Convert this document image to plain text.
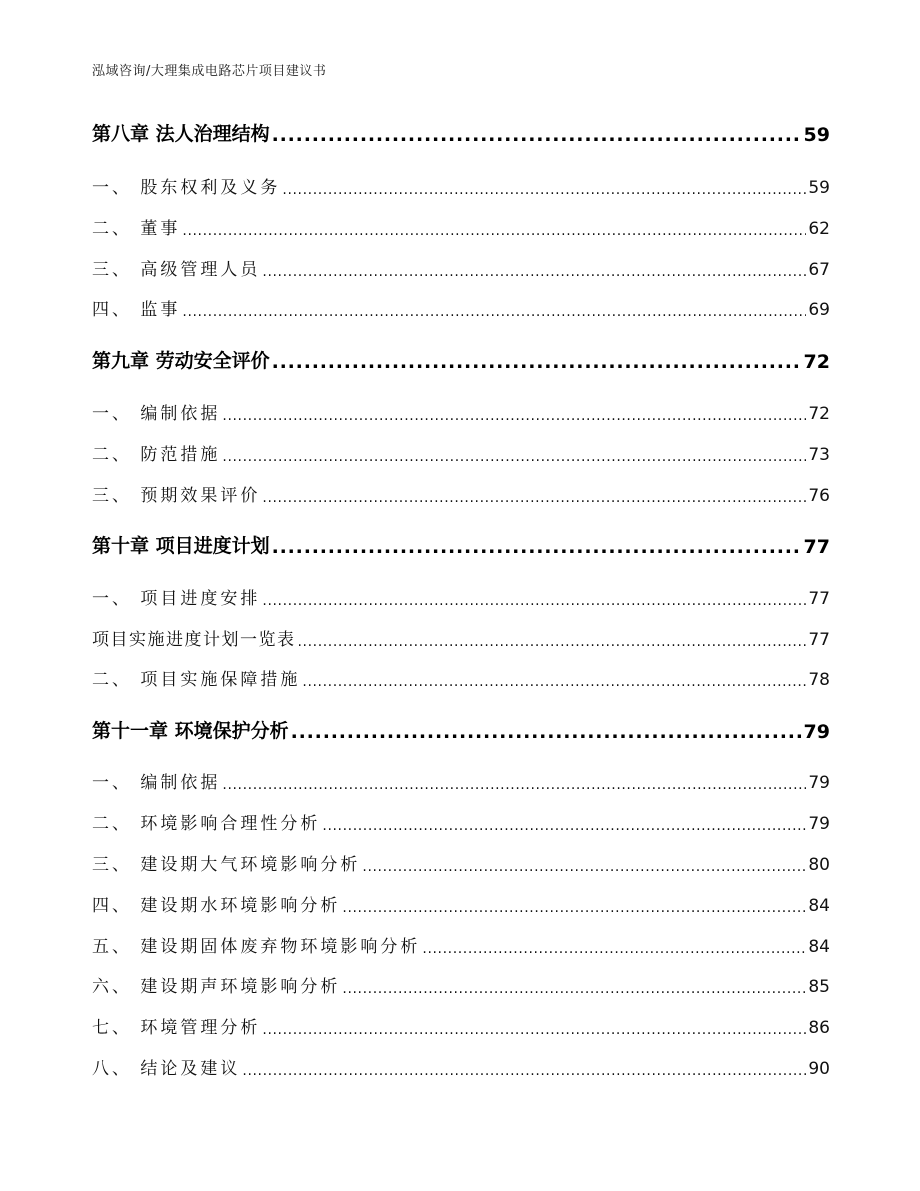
泓域咨询/大理集成电路芯片项目建议书
第八章 法人治理结构 .....	59
一、 股东权利及义务 .....	59
二、 董事 .....	62
三、 高级管理人员 .....	67
四、 监事 .....	69
第九章 劳动安全评价 .....	72
一、 编制依据 .....	72
二、 防范措施 .....	73
三、 预期效果评价 .....	76
第十章 项目进度计划 .....	77
一、 项目进度安排 .....	77
项目实施进度计划一览表 .....	77
二、 项目实施保障措施 .....	78
第十一章 环境保护分析 .....	79
一、 编制依据 .....	79
二、 环境影响合理性分析 .....	79
三、 建设期大气环境影响分析 .....	80
四、 建设期水环境影响分析 .....	84
五、 建设期固体废弃物环境影响分析 .....	84
六、 建设期声环境影响分析 .....	85
七、 环境管理分析 .....	86
八、 结论及建议 .....	90
